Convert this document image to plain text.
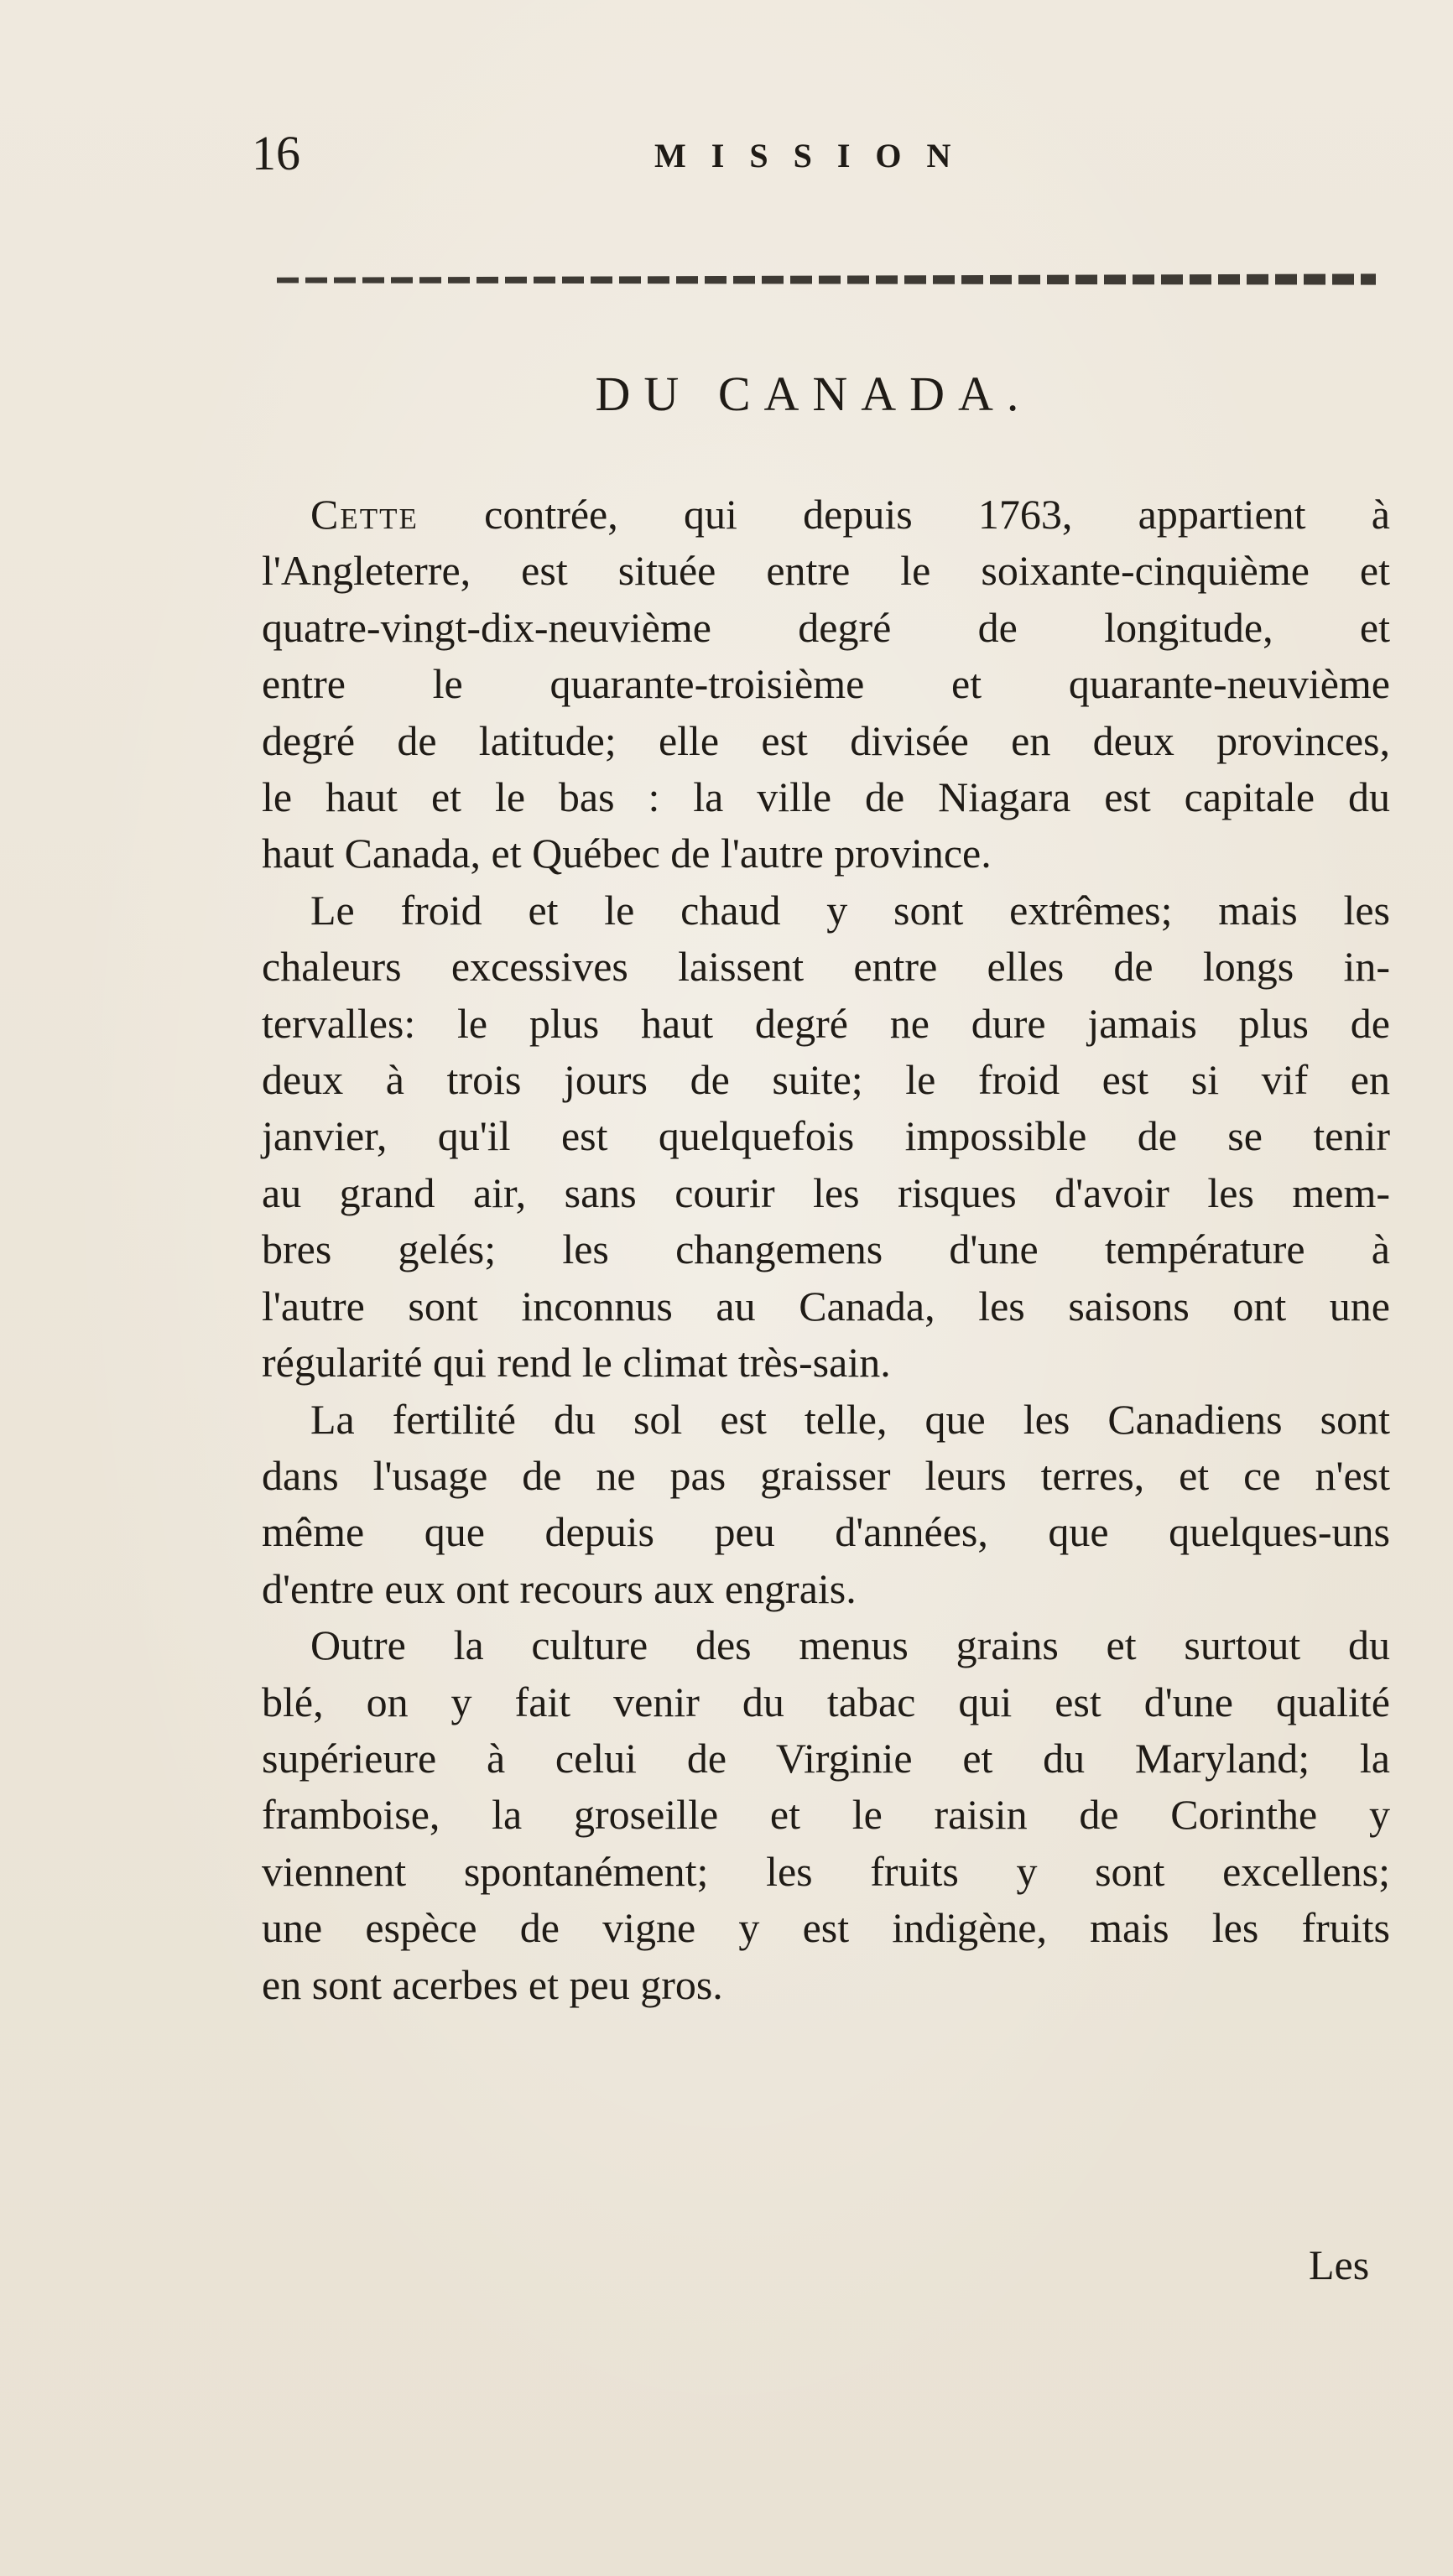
16	MISSION
DU CANADA.
Cette contrée, qui depuis 1763, appartient à
l'Angleterre, est située entre le soixante-cinquième et
quatre-vingt-dix-neuvième degré de longitude, et
entre le quarante-troisième et quarante-neuvième
degré de latitude; elle est divisée en deux provinces,
le haut et le bas : la ville de Niagara est capitale du
haut Canada, et Québec de l'autre province.
Le froid et le chaud y sont extrêmes; mais les
chaleurs excessives laissent entre elles de longs in-
tervalles: le plus haut degré ne dure jamais plus de
deux à trois jours de suite; le froid est si vif en
janvier, qu'il est quelquefois impossible de se tenir
au grand air, sans courir les risques d'avoir les mem-
bres gelés; les changemens d'une température à
l'autre sont inconnus au Canada, les saisons ont une
régularité qui rend le climat très-sain.
La fertilité du sol est telle, que les Canadiens sont
dans l'usage de ne pas graisser leurs terres, et ce n'est
même que depuis peu d'années, que quelques-uns
d'entre eux ont recours aux engrais.
Outre la culture des menus grains et surtout du
blé, on y fait venir du tabac qui est d'une qualité
supérieure à celui de Virginie et du Maryland; la
framboise, la groseille et le raisin de Corinthe y
viennent spontanément; les fruits y sont excellens;
une espèce de vigne y est indigène, mais les fruits
en sont acerbes et peu gros.
Les
